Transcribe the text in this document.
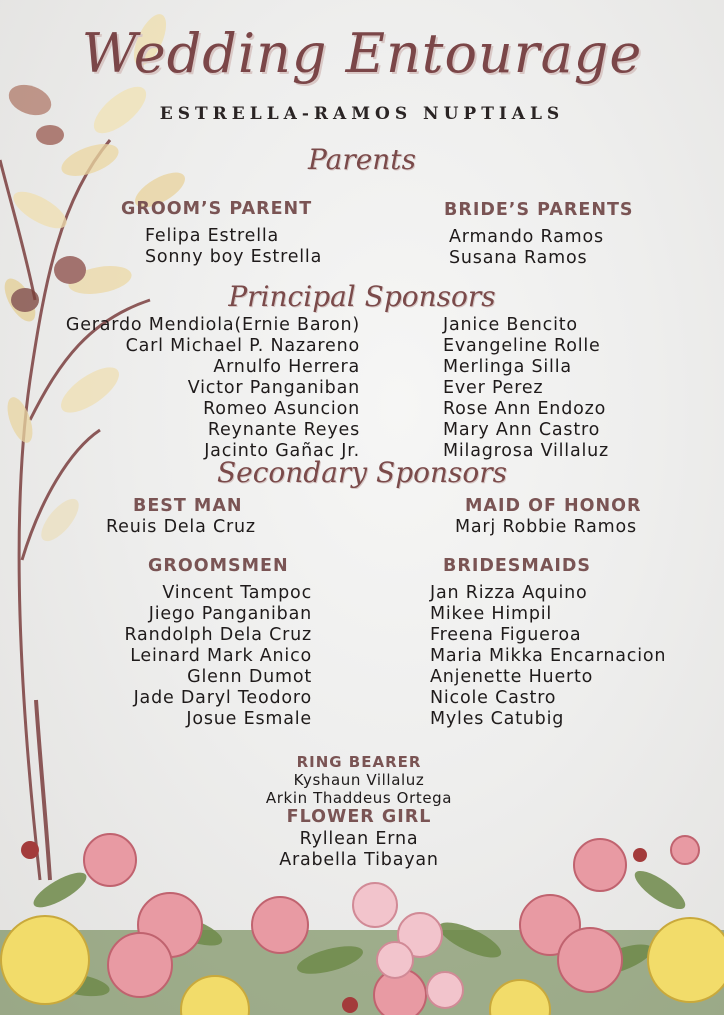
Wedding Entourage
ESTRELLA-RAMOS NUPTIALS
Parents
GROOM’S PARENT
Felipa Estrella
Sonny boy Estrella
BRIDE’S PARENTS
Armando Ramos
Susana Ramos
Principal Sponsors
Gerardo Mendiola(Ernie Baron)
Carl Michael P. Nazareno
Arnulfo Herrera
Victor Panganiban
Romeo Asuncion
Reynante Reyes
Jacinto Gañac Jr.
Janice Bencito
Evangeline Rolle
Merlinga Silla
Ever Perez
Rose Ann Endozo
Mary Ann Castro
Milagrosa Villaluz
Secondary Sponsors
BEST MAN
Reuis Dela Cruz
MAID OF HONOR
Marj Robbie Ramos
GROOMSMEN
Vincent Tampoc
Jiego Panganiban
Randolph Dela Cruz
Leinard Mark Anico
Glenn Dumot
Jade Daryl Teodoro
Josue Esmale
BRIDESMAIDS
Jan Rizza Aquino
Mikee Himpil
Freena Figueroa
Maria Mikka Encarnacion
Anjenette Huerto
Nicole Castro
Myles Catubig
RING BEARER
Kyshaun Villaluz
Arkin Thaddeus Ortega
FLOWER GIRL
Ryllean Erna
Arabella Tibayan
